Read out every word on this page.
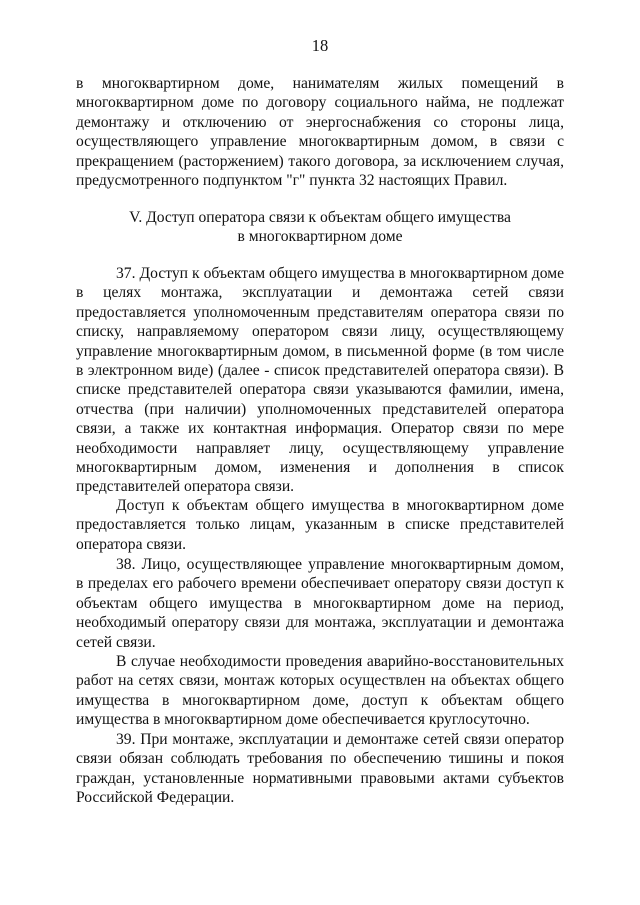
18

в многоквартирном доме, нанимателям жилых помещений в многоквартирном доме по договору социального найма, не подлежат демонтажу и отключению от энергоснабжения со стороны лица, осуществляющего управление многоквартирным домом, в связи с прекращением (расторжением) такого договора, за исключением случая, предусмотренного подпунктом "г" пункта 32 настоящих Правил.

V. Доступ оператора связи к объектам общего имущества
в многоквартирном доме

37. Доступ к объектам общего имущества в многоквартирном доме в целях монтажа, эксплуатации и демонтажа сетей связи предоставляется уполномоченным представителям оператора связи по списку, направляемому оператором связи лицу, осуществляющему управление многоквартирным домом, в письменной форме (в том числе в электронном виде) (далее - список представителей оператора связи). В списке представителей оператора связи указываются фамилии, имена, отчества (при наличии) уполномоченных представителей оператора связи, а также их контактная информация. Оператор связи по мере необходимости направляет лицу, осуществляющему управление многоквартирным домом, изменения и дополнения в список представителей оператора связи.

Доступ к объектам общего имущества в многоквартирном доме предоставляется только лицам, указанным в списке представителей оператора связи.

38. Лицо, осуществляющее управление многоквартирным домом, в пределах его рабочего времени обеспечивает оператору связи доступ к объектам общего имущества в многоквартирном доме на период, необходимый оператору связи для монтажа, эксплуатации и демонтажа сетей связи.

В случае необходимости проведения аварийно-восстановительных работ на сетях связи, монтаж которых осуществлен на объектах общего имущества в многоквартирном доме, доступ к объектам общего имущества в многоквартирном доме обеспечивается круглосуточно.

39. При монтаже, эксплуатации и демонтаже сетей связи оператор связи обязан соблюдать требования по обеспечению тишины и покоя граждан, установленные нормативными правовыми актами субъектов Российской Федерации.
